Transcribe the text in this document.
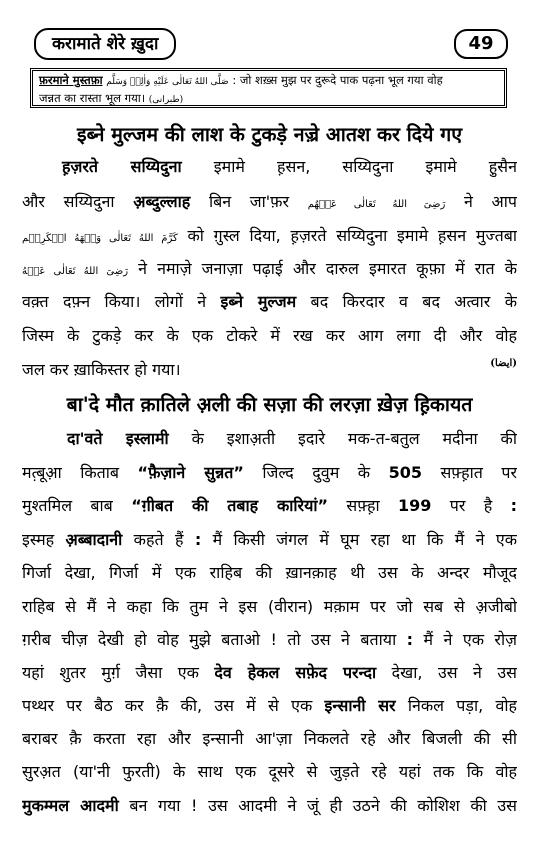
करामाते शेरे ख़ुदा	49
फ़रमाने मुस्तफ़ा صَلَّى اللهُ تَعَالٰى عَلَيْهِ وَاٰلِهٖ وَسَلَّم : जो शख़्स मुझ पर दुरूदे पाक पढ़ना भूल गया वोह
जन्नत का रास्ता भूल गया। (طبرانی)
इब्ने मुल्जम की लाश के टुकड़े नज़्रे आतश कर दिये गए
ह़ज़रते सय्यिदुना इमामे ह़सन, सय्यिदुना इमामे हु़सैन
और सय्यिदुना अ़ब्दुल्लाह बिन जा'फ़र رَضِیَ اللهُ تَعَالٰی عَنۡھُم ने आप
کَرَّمَ اللهُ تَعَالٰی وَجۡھَهُ الۡکَرِیۡم को ग़ुस्ल दिया, ह़ज़रते सय्यिदुना इमामे ह़सन मुज्तबा
رَضِیَ اللهُ تَعَالٰی عَنۡهُ ने नमाज़े जनाज़ा पढ़ाई और दारुल इमारत कूफ़ा में रात के
वक़्त दफ़्न किया। लोगों ने इब्ने मुल्जम बद किरदार व बद अत्वार के
जिस्म के टुकड़े कर के एक टोकरे में रख कर आग लगा दी और वोह
जल कर ख़ाकिस्तर हो गया।	(ایضاً)
बा'दे मौत क़ातिले अ़ली की सज़ा की लरज़ा ख़ेज़ ह़िकायत
दा'वते इस्लामी के इशाअ़ती इदारे मक-त-बतुल मदीना की
मत़्बूआ़ किताब “फ़ैज़ाने सुन्नत” जिल्द दुवुम के 505 सफ़्ह़ात पर
मुश्तमिल बाब “ग़ीबत की तबाह कारियां” सफ़्ह़ा 199 पर है :
इस्मह अ़ब्बादानी कहते हैं : मैं किसी जंगल में घूम रहा था कि मैं ने एक
गिर्जा देखा, गिर्जा में एक राहिब की ख़ानक़ाह थी उस के अन्दर मौजूद
राहिब से मैं ने कहा कि तुम ने इस (वीरान) मक़ाम पर जो सब से अ़जीबो
ग़रीब चीज़ देखी हो वोह मुझे बताओ ! तो उस ने बताया : मैं ने एक रोज़
यहां शुतर मुर्ग़ जैसा एक देव हेकल सफ़ेद परन्दा देखा, उस ने उस
पथ्थर पर बैठ कर क़ै की, उस में से एक इन्सानी सर निकल पड़ा, वोह
बराबर क़ै करता रहा और इन्सानी आ'ज़ा निकलते रहे और बिजली की सी
सुरअ़त (या'नी फुरती) के साथ एक दूसरे से जुड़ते रहे यहां तक कि वोह
मुकम्मल आदमी बन गया ! उस आदमी ने जूं ही उठने की कोशिश की उस
